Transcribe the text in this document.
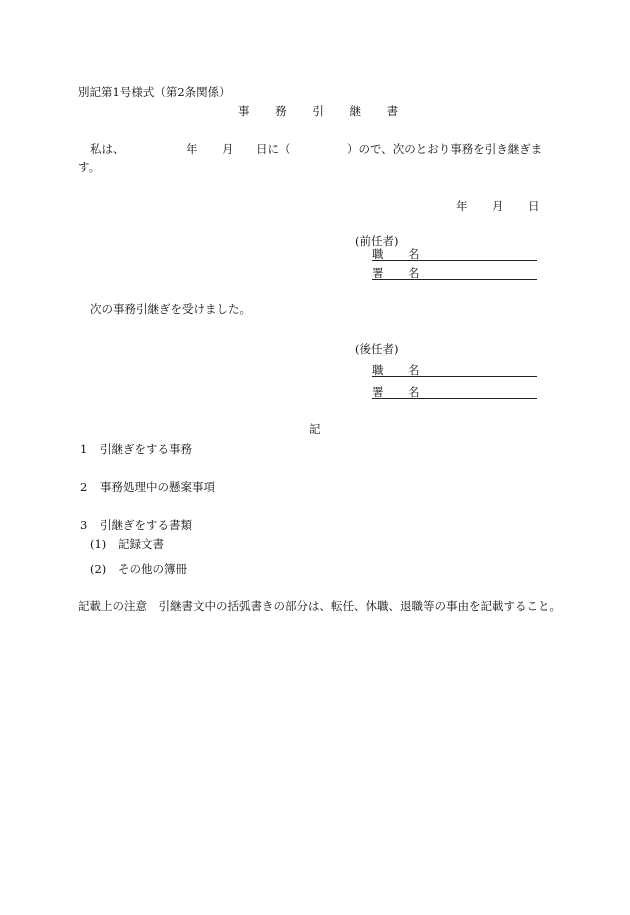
別記第1号様式（第2条関係）
事 務 引 継 書
私は、	年 月 日に（	）ので、次のとおり事務を引き継ぎま
す。
年 月 日
(前任者)
職 名
署 名
次の事務引継ぎを受けました。
(後任者)
職 名
署 名
記
1 引継ぎをする事務
2 事務処理中の懸案事項
3 引継ぎをする書類
(1) 記録文書
(2) その他の簿冊
記載上の注意　引継書文中の括弧書きの部分は、転任、休職、退職等の事由を記載すること。
